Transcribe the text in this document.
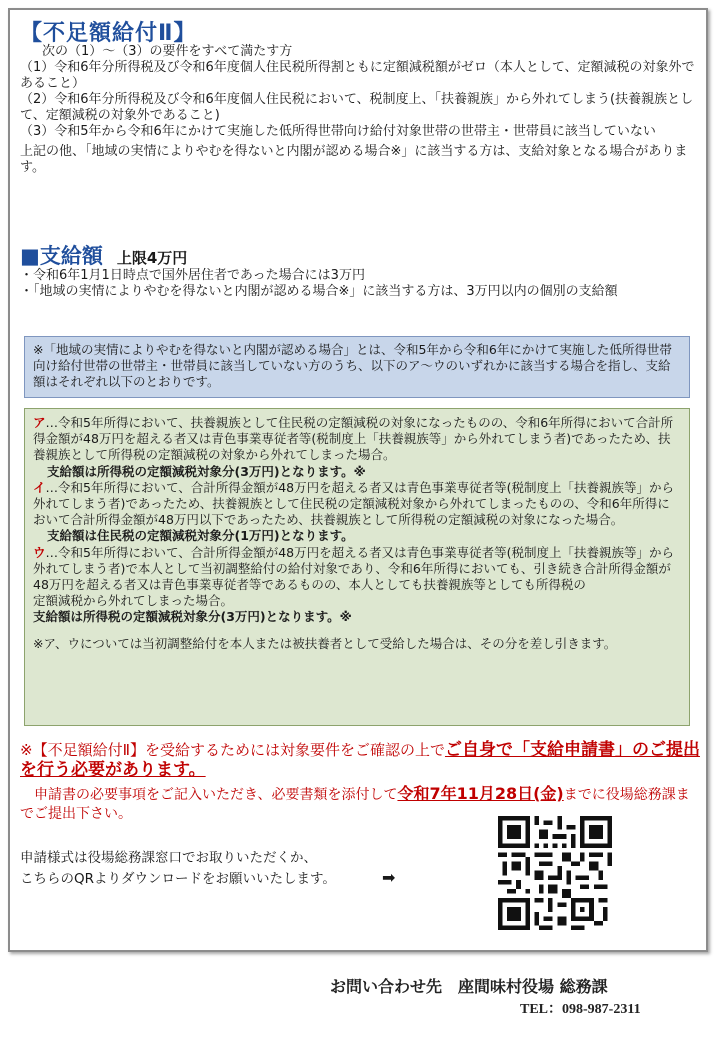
【不足額給付Ⅱ】

次の（1）～（3）の要件をすべて満たす方

（1）令和6年分所得税及び令和6年度個人住民税所得割ともに定額減税額がゼロ（本人として、定額減税の対象外であること）

（2）令和6年分所得税及び令和6年度個人住民税において、税制度上、「扶養親族」から外れてしまう(扶養親族として、定額減税の対象外であること)

（3）令和5年から令和6年にかけて実施した低所得世帯向け給付対象世帯の世帯主・世帯員に該当していない

上記の他、「地域の実情によりやむを得ないと内閣が認める場合※」に該当する方は、支給対象となる場合があります。

■支給額 上限4万円

・令和6年1月1日時点で国外居住者であった場合には3万円

・「地域の実情によりやむを得ないと内閣が認める場合※」に該当する方は、3万円以内の個別の支給額

※「地域の実情によりやむを得ないと内閣が認める場合」とは、令和5年から令和6年にかけて実施した低所得世帯向け給付世帯の世帯主・世帯員に該当していない方のうち、以下のア～ウのいずれかに該当する場合を指し、支給額はそれぞれ以下のとおりです。

ア…令和5年所得において、扶養親族として住民税の定額減税の対象になったものの、令和6年所得において合計所得金額が48万円を超える者又は青色事業専従者等(税制度上「扶養親族等」から外れてしまう者)であったため、扶養親族として所得税の定額減税の対象から外れてしまった場合。

支給額は所得税の定額減税対象分(3万円)となります。※

イ…令和5年所得において、合計所得金額が48万円を超える者又は青色事業専従者等(税制度上「扶養親族等」から外れてしまう者)であったため、扶養親族として住民税の定額減税対象から外れてしまったものの、令和6年所得において合計所得金額が48万円以下であったため、扶養親族として所得税の定額減税の対象になった場合。

支給額は住民税の定額減税対象分(1万円)となります。

ウ…令和5年所得において、合計所得金額が48万円を超える者又は青色事業専従者等(税制度上「扶養親族等」から外れてしまう者)で本人として当初調整給付の給付対象であり、令和6年所得においても、引き続き合計所得金額が48万円を超える者又は青色事業専従者等であるものの、本人としても扶養親族等としても所得税の

定額減税から外れてしまった場合。

支給額は所得税の定額減税対象分(3万円)となります。※

※ア、ウについては当初調整給付を本人または被扶養者として受給した場合は、その分を差し引きます。

※【不足額給付Ⅱ】を受給するためには対象要件をご確認の上でご自身で「支給申請書」のご提出を行う必要があります。
申請書の必要事項をご記入いただき、必要書類を添付して令和7年11月28日(金)までに役場総務課までご提出下さい。
申請様式は役場総務課窓口でお取りいただくか、
こちらのQRよりダウンロードをお願いいたします。	➡
お問い合わせ先　座間味村役場 総務課
TEL：098-987-2311
